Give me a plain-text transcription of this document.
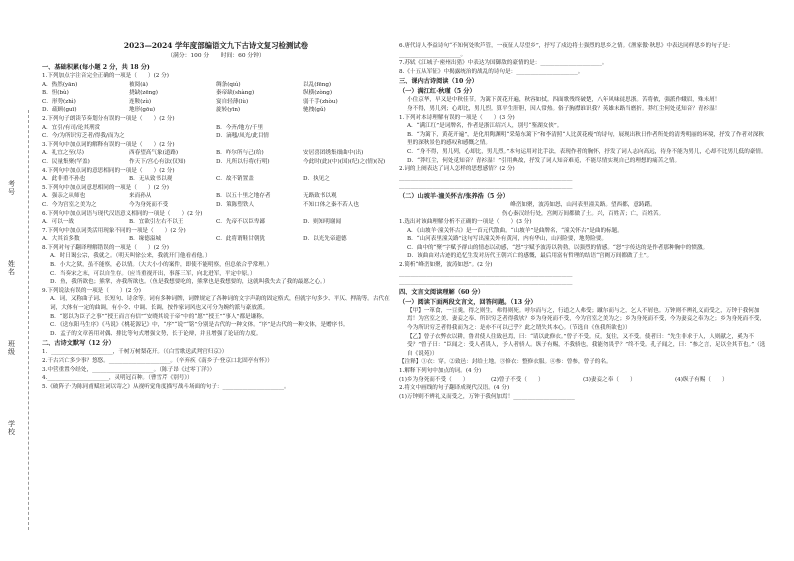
考号
姓名
班级
学校
2023—2024 学年度部编语文九下古诗文复习检测试卷
（满分：100 分　　时间：60 分钟）
一、基础积累(每小题 2 分，共 18 分)
1.下列加点字注音完全正确的一项是（　　）(2 分)
A．热然(yān)	被阅(ā)	绸条(qiú)	以乱(fēng)
B．怛(bù)	挠缺(zēng)	秦帝缺(shàng)	纵横(zòng)
C．形势(zhì)	连鞍(zù)	宴自轻薄(lù)	弱千手(zhòu)
D．疏顾(guī)	地形(gōu)	旋转(yīn)	驰拽(gǔ)
2.下列句子朗读节奏划分有误的一项是（　　）(2 分)
A．宜引/有司/论其刑赏	B．今齐/地方/千里
C．今/为所识穷乏者/得我/而为之	D．滴嗤/凤光/此目情
3.下列句中加点词的解释有误的一项是（　　）(2 分)
A．礼宜之至(尽)	西春望高气象(道路)	B．咋尔所与己(给)	安居喜团绣集细曲中(出)
C．民量集聚(罕盖)	作天下/宫心有法(仅知)	D．凡所以行将(行明)	今此时(此)(中)(国)(纪)之(情)(况)
4.下列句中加点词的意思相同的一项是（　　）(2 分)
A．此非重不孙也	B．无从致书以观	C．故不销置盖	D．执见之
5.下列句中加点词意思相同的一项是（　　）(2 分)
A．强亲之从师也	来而孙从	B．以五十里之地存者	无路致书以观
C．今为宫室之美为之	今为身死而不受	D．策陈塑铁人	不知口体之秦不若人也
6.下列句中加点词语与现代汉语意义相同的一项是（　　）(2 分)
A．可以一战	B．宜欲引左右不以王	C．先帝不以臣卑鄙	D．则知明谢闻
7.下列句中加点词类活用现象不同的一项是（　　）(2 分)
A．大其首多数	B．缘德溢城	C．此将谓鞋甘朝犹	D．以光先帝遗德
8.下列对句子翻译理解错误的一项是（　　）(2 分)
A．时日谒公宗，我就之。（明天叫徐公来，我就开门他看看他。）
B．小大之狱，虽不能察，必以情。（大大小小的案件，即使不能明察，但总依合乎常理。）
C．当奏宋之末，可以自生存。（应当重视开出，事落三军，向北进军，平定中原。）
D．鱼，我所欲也；熊掌，亦我所欲也。（鱼是我想要吃的，熊掌也是我想要的，这就叫我失去了我的最愿之心。）
9.下列说法有误的一项是（　　）(2 分)
A．词，又称曲子词、长短句、诗余等。词有多种词牌，词牌规定了各种词的文字声韵的固定格式，但就字句多少、平仄、押韵等。古代在词，大体有一定的曲调，有小令、中调、长调，按作家词风也又可分为婉约派与豪放派。
B．“愿以为臣子之事”“授王而言有信”“安晓其说于帝”中的“愿”“授王”“事人”都是谦称。
C．《送东阳马生序》《马说》《桃花源记》中，“序”“说”“铭”分别是古代的一种文体。“序”是古代的一种文体，是赠序书。
D．孟子的文章善用对偶、排比等句式增强文势，长于论辩，并且增强了论证的力度。
二、古诗文默写（12 分）
1．______________________，千树万树梨花开。（《白雪歌送武判官归京》）
2.干古兴亡多少事？悠悠。______________________。（辛弃疾《南乡子·登京口北固亭有怀》）
3.中营重置今经处，______________________。（陈子昂《过零丁洋》）
4.______________________，灵明冠百种。（曹雪芹《别号》）
5.《破阵子·为陈同甫赋壮词以寄之》从视听觉角度描写战斗场面的句子：______________________。
6.唐代诗人李益诗句“不知何处吹芦管，一夜征人尽望乡”，抒写了戍边将士强烈的思乡之情。《渔家傲·秋思》中表达同样思乡的句子是：______________________。
7.苏轼《江城子·密州出猎》中表达为国御敌的豪情的是：______________________。
8.《十五从军征》中揭露统治的战乱的诗句是：______________________。
三、课内古诗阅读（10 分）
（一）满江红·秋瑾（5 分）
小住京华，早又是中秋佳节。为篱下黄花开遍，秋容如拭。四面歌残终破楚，八年风味徒思浙。苦将侬，强派作蛾眉，殊未屑！
身不得，男儿列；心却比，男儿烈。算平生肝胆，因人常热。俗子胸襟谁识我？英雄末路当磨折。莽红尘何处觅知音？青衫湿！
1.下列对本诗理解有误的一项是（　　）(3 分)
A．“满江红”是词牌名，作者是浙江绍兴人，别号“鉴湖女侠”。
B．“为篱下，黄花开遍”，是化用陶渊明“采菊东篱下”和李清照“人比黄花瘦”的诗句，展现出秋日作者所处的清秀明丽的环境，抒发了作者对深秋里的深秋景色的感叹和感慨之情。
C．“身不得，男儿列，心却比，男儿烈。”本句运用对比手法，表现作者的胸怀，抒发了词人志向高远，待身不能为男儿，心却不比男儿低的豪情。
D．“莽红尘，何处觅知音？青衫湿！”引用典故，抒发了词人知音难觅，不能尽情实现自己的理想的痛苦之情。
2.词的上阕表达了词人怎样的思想感情？(2 分)
______________________________________________________________
______________________________________________________________
（二）山坡羊·潼关怀古/张养浩（5 分）
峰峦如聚，波涛如怒，山河表里潼关路。望西都，意踌躇。
伤心秦汉经行处，宫阙万间都做了土。兴，百姓苦；亡，百姓苦。
1.选出对该曲理解分析不正确的一项是（　　）(3 分)
A．《山坡羊·潼关怀古》是一首元代散曲。“山坡羊”是曲牌名，“潼关怀古”是曲的标题。
B．“山河表里潼关路”这句写出潼关外有黄河，内有华山，山河险要，地势险要。
C．曲中的“聚”字赋予群山的情态以动感，“怒”字赋予波涛以勃勃，以强烈的情感。“怒”字传达的是作者那种胸中的愤激。
D．该曲由对古迹的追忆生发对历代王朝兴亡的感慨，最后用富有哲理的结语“宫阙万间都做了土”。
2.简析“峰峦如聚，波涛如怒”。(2 分)
______________________________________________________________
______________________________________________________________
四、文言文阅读理解（60 分）
（一）阅读下面两段文言文，回答问题。（13 分）
【甲】一箪食，一豆羹，得之则生，弗得则死。呼尔而与之，行道之人弗受；蹴尔而与之，乞人不屑也。万钟则不辨礼义而受之，万钟于我何加焉！为宫室之美、妻妾之奉、所识穷乏者得我欤？乡为身死而不受，今为宫室之美为之；乡为身死而不受，今为妻妾之奉为之；乡为身死而不受，今为所识穷乏者得我而为之：是亦不可以已乎？此之谓失其本心。（节选自《鱼我所欲也》）
【乙】曾子衣弊衣以耕，鲁君使人往致邑焉，曰：“请以此修衣。”曾子不受。反，复往，又不受。使者曰：“先生非求于人，人则献之，奚为不受？”曾子曰：“臣闻之：受人者畏人，予人者骄人。纵子有赐，不我骄也，我能勿畏乎？”终不受。孔子闻之，曰：“参之言，足以全其节也。”（选自《说苑》）
【注释】①衣：穿。②致邑：封给土地。③修衣：整修衣服。④参：曾参，曾子的名。
1.解释下列句中加点的词。(4 分)
(1)乡为身死而不受（　　）	(2)曾子不受（　　）	(3)妻妾之奉（　　）	(4)纵子有赐（　　）
2.将文中画线的句子翻译成现代汉语。(4 分)
(1)万钟则不辨礼义而受之，万钟于我何加焉！______________________
